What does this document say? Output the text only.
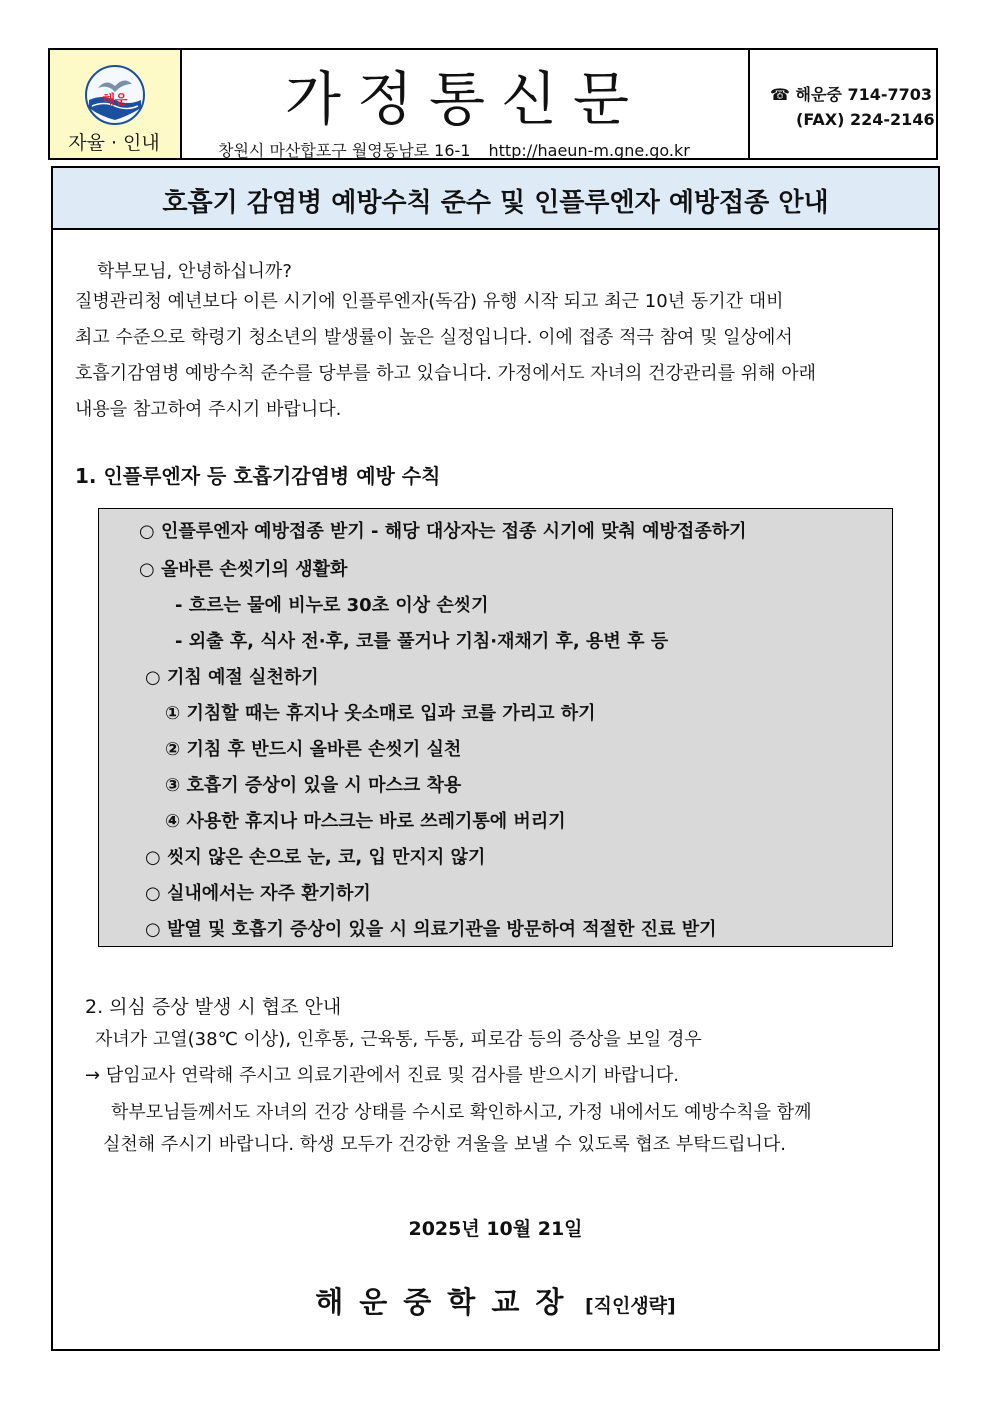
해운
자율 · 인내
가정통신문
창원시 마산합포구 월영동남로 16-1 http://haeun-m.gne.go.kr
☎ 해운중 714-7703
(FAX) 224-2146
호흡기 감염병 예방수칙 준수 및 인플루엔자 예방접종 안내
학부모님, 안녕하십니까?
질병관리청 예년보다 이른 시기에 인플루엔자(독감) 유행 시작 되고 최근 10년 동기간 대비
최고 수준으로 학령기 청소년의 발생률이 높은 실정입니다. 이에 접종 적극 참여 및 일상에서
호흡기감염병 예방수칙 준수를 당부를 하고 있습니다. 가정에서도 자녀의 건강관리를 위해 아래
내용을 참고하여 주시기 바랍니다.
1. 인플루엔자 등 호흡기감염병 예방 수칙
○ 인플루엔자 예방접종 받기 - 해당 대상자는 접종 시기에 맞춰 예방접종하기
○ 올바른 손씻기의 생활화
- 흐르는 물에 비누로 30초 이상 손씻기
- 외출 후, 식사 전·후, 코를 풀거나 기침·재채기 후, 용변 후 등
○ 기침 예절 실천하기
① 기침할 때는 휴지나 옷소매로 입과 코를 가리고 하기
② 기침 후 반드시 올바른 손씻기 실천
③ 호흡기 증상이 있을 시 마스크 착용
④ 사용한 휴지나 마스크는 바로 쓰레기통에 버리기
○ 씻지 않은 손으로 눈, 코, 입 만지지 않기
○ 실내에서는 자주 환기하기
○ 발열 및 호흡기 증상이 있을 시 의료기관을 방문하여 적절한 진료 받기
2. 의심 증상 발생 시 협조 안내
자녀가 고열(38℃ 이상), 인후통, 근육통, 두통, 피로감 등의 증상을 보일 경우
→ 담임교사 연락해 주시고 의료기관에서 진료 및 검사를 받으시기 바랍니다.
학부모님들께서도 자녀의 건강 상태를 수시로 확인하시고, 가정 내에서도 예방수칙을 함께
실천해 주시기 바랍니다. 학생 모두가 건강한 겨울을 보낼 수 있도록 협조 부탁드립니다.
2025년 10월 21일
해운중학교장 [직인생략]
